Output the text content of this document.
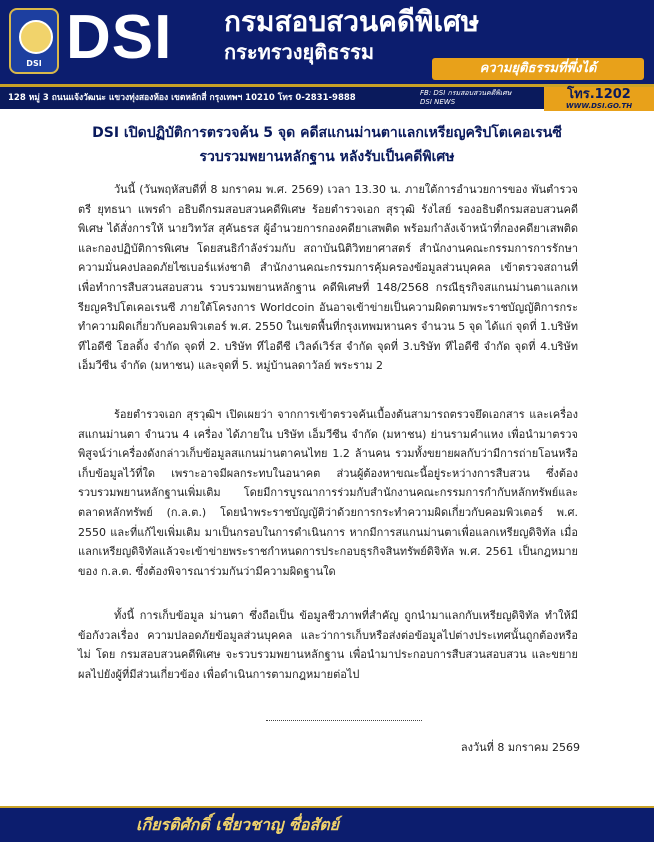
DSI DSI กรมสอบสวนคดีพิเศษ
กระทรวงยุติธรรม
ความยุติธรรมที่พึ่งได้
128 หมู่ 3 ถนนแจ้งวัฒนะ แขวงทุ่งสองห้อง เขตหลักสี่ กรุงเทพฯ 10210 โทร 0-2831-9888	FB: DSI กรมสอบสวนคดีพิเศษ
DSI NEWS	โทร.1202
WWW.DSI.GO.TH
DSI เปิดปฏิบัติการตรวจค้น 5 จุด คดีสแกนม่านตาแลกเหรียญคริปโตเคอเรนซี
รวบรวมพยานหลักฐาน หลังรับเป็นคดีพิเศษ
วันนี้ (วันพฤหัสบดีที่ 8 มกราคม พ.ศ. 2569) เวลา 13.30 น. ภายใต้การอำนวยการของ พันตำรวจตรี ยุทธนา แพรดำ อธิบดีกรมสอบสวนคดีพิเศษ ร้อยตำรวจเอก สุรวุฒิ รังไสย์ รองอธิบดีกรมสอบสวนคดีพิเศษ ได้สั่งการให้ นายวิทวัส สุคันธรส ผู้อำนวยการกองคดียาเสพติด พร้อมกำลังเจ้าหน้าที่กองคดียาเสพติด และกองปฏิบัติการพิเศษ โดยสนธิกำลังร่วมกับ สถาบันนิติวิทยาศาสตร์ สำนักงานคณะกรรมการการรักษาความมั่นคงปลอดภัยไซเบอร์แห่งชาติ สำนักงานคณะกรรมการคุ้มครองข้อมูลส่วนบุคคล เข้าตรวจสถานที่ เพื่อทำการสืบสวนสอบสวน รวบรวมพยานหลักฐาน คดีพิเศษที่ 148/2568 กรณีธุรกิจสแกนม่านตาแลกเหรียญคริปโตเคอเรนซี ภายใต้โครงการ Worldcoin อันอาจเข้าข่ายเป็นความผิดตามพระราชบัญญัติการกระทำความผิดเกี่ยวกับคอมพิวเตอร์ พ.ศ. 2550 ในเขตพื้นที่กรุงเทพมหานคร จำนวน 5 จุด ได้แก่ จุดที่ 1.บริษัท ทีไอดีซี โฮลดิ้ง จำกัด จุดที่ 2. บริษัท ทีไอดีซี เวิลด์เวิร์ส จำกัด จุดที่ 3.บริษัท ทีไอดีซี จำกัด จุดที่ 4.บริษัท เอ็มวีซีน จำกัด (มหาชน) และจุดที่ 5. หมู่บ้านลดาวัลย์ พระราม 2
ร้อยตำรวจเอก สุรวุฒิฯ เปิดเผยว่า จากการเข้าตรวจค้นเบื้องต้นสามารถตรวจยึดเอกสาร และเครื่องสแกนม่านตา จำนวน 4 เครื่อง ได้ภายใน บริษัท เอ็มวีซีน จำกัด (มหาชน) ย่านรามคำแหง เพื่อนำมาตรวจพิสูจน์ว่าเครื่องดังกล่าวเก็บข้อมูลสแกนม่านตาคนไทย 1.2 ล้านคน รวมทั้งขยายผลกับว่ามีการถ่ายโอนหรือเก็บข้อมูลไว้ที่ใด เพราะอาจมีผลกระทบในอนาคต ส่วนผู้ต้องหาขณะนี้อยู่ระหว่างการสืบสวน ซึ่งต้องรวบรวมพยานหลักฐานเพิ่มเติม โดยมีการบูรณาการร่วมกับสำนักงานคณะกรรมการกำกับหลักทรัพย์และตลาดหลักทรัพย์ (ก.ล.ต.) โดยนำพระราชบัญญัติว่าด้วยการกระทำความผิดเกี่ยวกับคอมพิวเตอร์ พ.ศ. 2550 และที่แก้ไขเพิ่มเติม มาเป็นกรอบในการดำเนินการ หากมีการสแกนม่านตาเพื่อแลกเหรียญดิจิทัล เมื่อแลกเหรียญดิจิทัลแล้วจะเข้าข่ายพระราชกำหนดการประกอบธุรกิจสินทรัพย์ดิจิทัล พ.ศ. 2561 เป็นกฎหมายของ ก.ล.ต. ซึ่งต้องพิจารณาร่วมกันว่ามีความผิดฐานใด
ทั้งนี้ การเก็บข้อมูล ม่านตา ซึ่งถือเป็น ข้อมูลชีวภาพที่สำคัญ ถูกนำมาแลกกับเหรียญดิจิทัล ทำให้มีข้อกังวลเรื่อง ความปลอดภัยข้อมูลส่วนบุคคล และว่าการเก็บหรือส่งต่อข้อมูลไปต่างประเทศนั้นถูกต้องหรือไม่ โดย กรมสอบสวนคดีพิเศษ จะรวบรวมพยานหลักฐาน เพื่อนำมาประกอบการสืบสวนสอบสวน และขยายผลไปยังผู้ที่มีส่วนเกี่ยวข้อง เพื่อดำเนินการตามกฎหมายต่อไป
ลงวันที่ 8 มกราคม 2569
เกียรติศักดิ์ เชี่ยวชาญ ซื่อสัตย์
